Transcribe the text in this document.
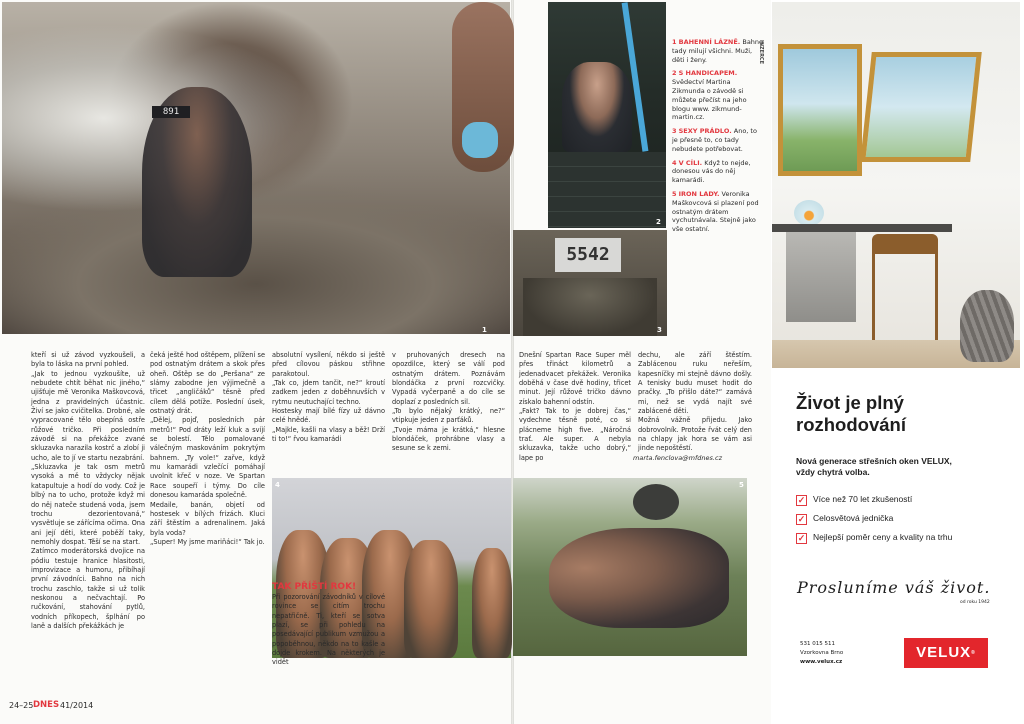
891
1
2
5542
3
4	5
1 BAHENNÍ LÁZNĚ. Bahno tady milují všichni. Muži, děti i ženy.
2 S HANDICAPEM. Svědectví Martina Zikmunda o závodě si můžete přečíst na jeho blogu www. zikmund-martin.cz.
3 SEXY PRÁDLO. Ano, to je přesně to, co tady nebudete potřebovat.
4 V CÍLI. Když to nejde, donesou vás do něj kamarádi.
5 IRON LADY. Veronika Maškovcová si plazení pod ostnatým drátem vychutnávala. Stejně jako vše ostatní.
INZERCE

kteří si už závod vyzkoušeli, a byla to láska na první pohled.

„Jak to jednou vyzkoušíte, už nebudete chtít běhat nic jiného,“ ujišťuje mě Veronika Maškovcová, jedna z pravidelných účastnic. Živí se jako cvičitelka. Drobné, ale vypracované tělo obepíná ostře růžové tričko. Při posledním závodě si na překážce zvané skluzavka narazila kostrč a zlobí ji ucho, ale to jí ve startu nezabrání.

„Skluzavka je tak osm metrů vysoká a mě to vždycky nějak katapultuje a hodí do vody. Což je blbý na to ucho, protože když mi do něj nateče studená voda, jsem trochu dezorientovaná,“ vysvětluje se zářícíma očima. Ona ani její děti, které poběží taky, nemohly dospat. Těší se na start.

Zatímco moderátorská dvojice na pódiu testuje hranice hlasitosti, improvizace a humoru, přibíhají první závodníci. Bahno na nich trochu zaschlo, takže si už tolik neskonou a nečvachtají. Po ručkování, stahování pytlů, vodních příkopech, šplhání po laně a dalších překážkách je

čeká ještě hod oštěpem, plížení se pod ostnatým drátem a skok přes oheň. Oštěp se do „Peršana“ ze slámy zabodne jen výjimečně a třicet „angličáků“ těsně před cílem dělá potíže. Poslední úsek, ostnatý drát.

„Dělej, pojď, posledních pár metrů!“ Pod dráty leží kluk a svíjí se bolestí. Tělo pomalované válečným maskováním pokrytým bahnem. „Ty vole!“ zařve, když mu kamarádi vzlečící pomáhají uvolnit křeč v noze. Ve Spartan Race soupeří i týmy. Do cíle donesou kamaráda společně.

Medaile, banán, objetí od hostesek v bílých frizách. Kluci září štěstím a adrenalinem. Jaká byla voda?

„Super! My jsme mariňáci!“ Tak jo.

TAK PŘÍŠTÍ ROK!

Při pozorování závodníků v cílové rovince se citím trochu nepatřičně. Ti, kteří se sotva plazí, se při pohledu na posedávající publikum vzmužou a popoběhnou, někdo na to kašle a dojde krokem. Na některých je vidět

absolutní vysílení, někdo si ještě před cílovou páskou střihne parakotoul.

„Tak co, jdem tančit, ne?“ kroutí zadkem jeden z doběhnuvších v rytmu neutuchající techno.

Hostesky mají bílé fízy už dávno celé hnědé.

„Majkle, kašli na vlasy a běž! Drží ti to!“ řvou kamarádi

v pruhovaných dresech na opozdilce, který se válí pod ostnatým drátem. Poznávám blondáčka z první rozcvičky. Vypadá vyčerpaně a do cíle se doplazí z posledních sil.

„To bylo nějaký krátký, ne?“ vtipkuje jeden z parťáků.

„Tvoje máma je krátká,“ hlesne blondáček, prohrábne vlasy a sesune se k zemi.

Dnešní Spartan Race Super měl přes třináct kilometrů a jedenadvacet překážek. Veronika doběhá v čase dvě hodiny, třicet minut. Její růžové tričko dávno získalo bahenní odstín.

„Fakt? Tak to je dobrej čas,“ vydechne těsně poté, co si plácneme high five. „Náročná trať. Ale super. A nebyla skluzavka, takže ucho dobrý,“ lape po

dechu, ale září štěstím. Zablácenou ruku neřeším, kapesníčky mi stejně dávno došly. A tenisky budu muset hodit do pračky. „To přišlo dáte?“ zamává mi, než se vydá najít své zablácené děti.

Možná vážně přijedu. Jako dobrovolník. Protože řvát celý den na chlapy jak hora se vám asi jinde nepoštěstí.

marta.fenclova@mfdnes.cz
24–25 DNES 41/2014
Život je plný
rozhodování
Nová generace střešních oken VELUX,
vždy chytrá volba.
✓ Více než 70 let zkušeností
✓ Celosvětová jednička
✓ Nejlepší poměr ceny a kvality na trhu
Prosluníme váš život.
od roku 1942
531 015 511
Vzorkovna Brno
www.velux.cz
VELUX®
